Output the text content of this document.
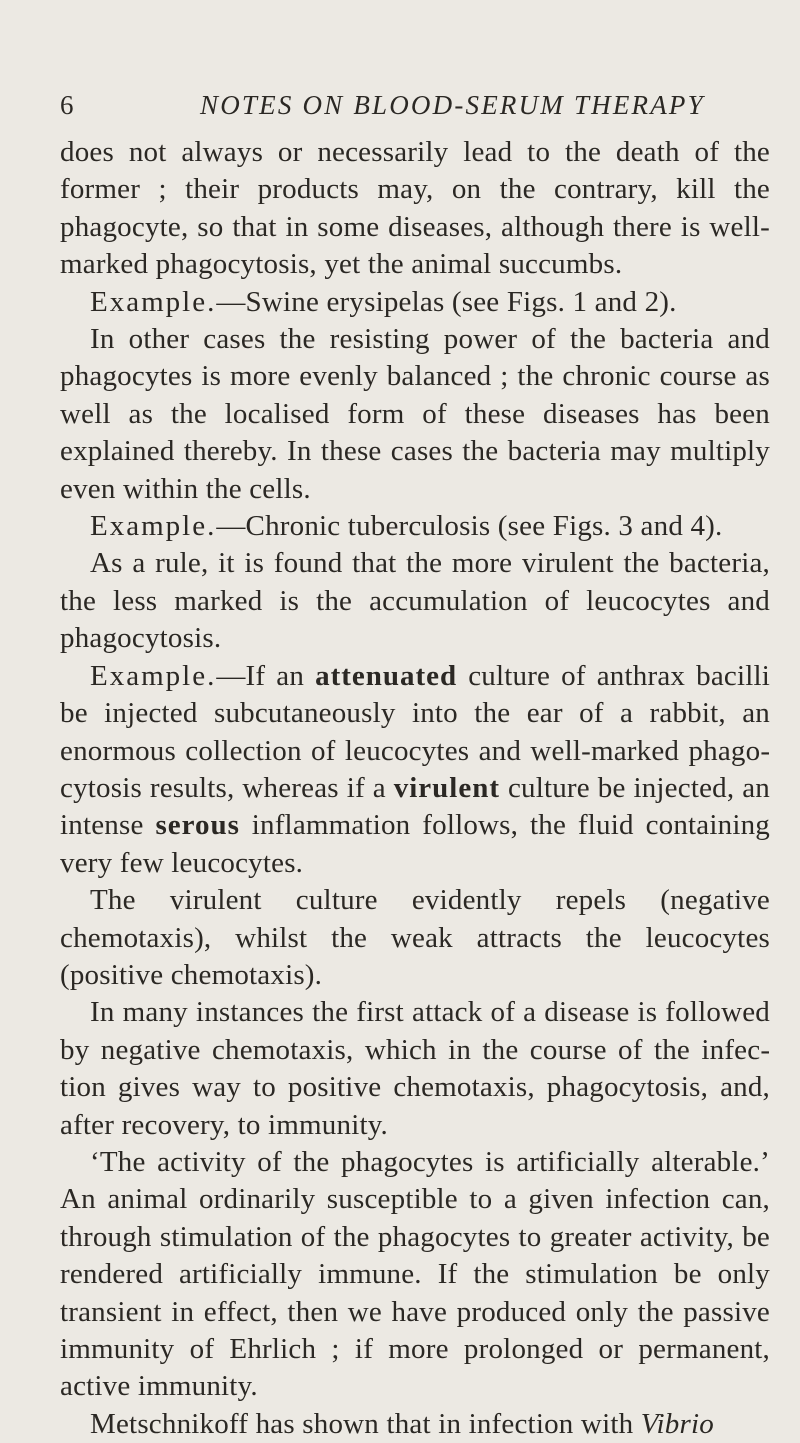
6	NOTES ON BLOOD-SERUM THERAPY

does not always or necessarily lead to the death of the former ; their products may, on the contrary, kill the phagocyte, so that in some diseases, although there is well-marked phagocytosis, yet the animal succumbs.

Example.—Swine erysipelas (see Figs. 1 and 2).

In other cases the resisting power of the bacteria and phagocytes is more evenly balanced ; the chronic course as well as the localised form of these diseases has been explained thereby. In these cases the bacteria may multiply even within the cells.

Example.—Chronic tuberculosis (see Figs. 3 and 4).

As a rule, it is found that the more virulent the bacteria, the less marked is the accumulation of leucocytes and phagocytosis.

Example.—If an attenuated culture of anthrax bacilli be injected subcutaneously into the ear of a rabbit, an enormous collection of leucocytes and well-marked phagocytosis results, whereas if a virulent culture be injected, an intense serous inflammation follows, the fluid containing very few leucocytes.

The virulent culture evidently repels (negative chemotaxis), whilst the weak attracts the leucocytes (positive chemotaxis).

In many instances the first attack of a disease is followed by negative chemotaxis, which in the course of the infection gives way to positive chemotaxis, phagocytosis, and, after recovery, to immunity.

‘The activity of the phagocytes is artificially alterable.’ An animal ordinarily susceptible to a given infection can, through stimulation of the phagocytes to greater activity, be rendered artificially immune. If the stimulation be only transient in effect, then we have produced only the passive immunity of Ehrlich ; if more prolonged or permanent, active immunity.

Metschnikoff has shown that in infection with Vibrio
